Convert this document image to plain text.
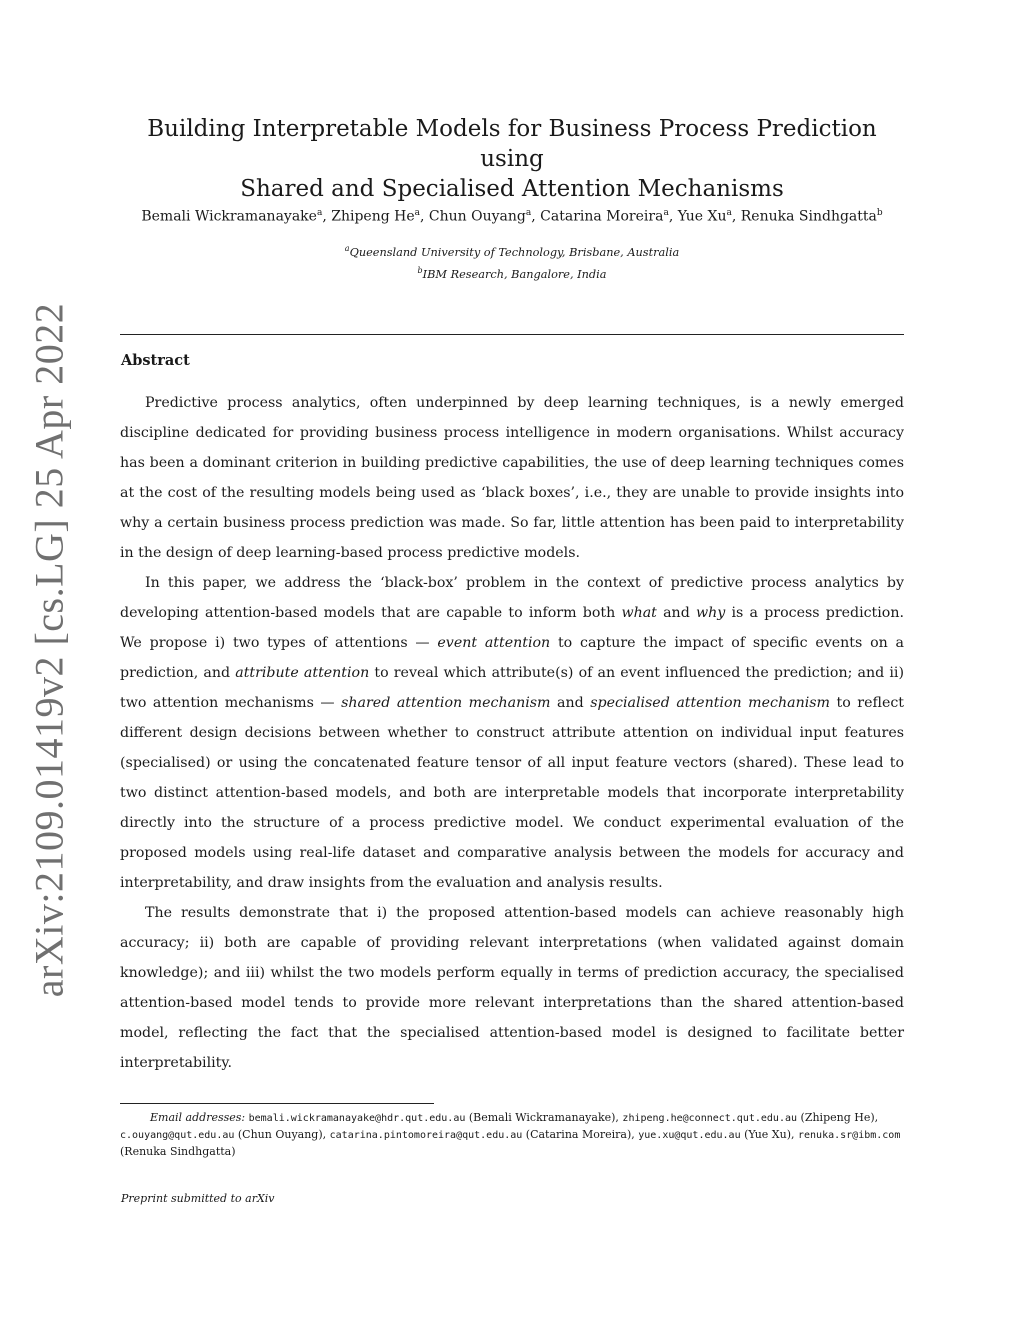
arXiv:2109.01419v2 [cs.LG] 25 Apr 2022
Building Interpretable Models for Business Process Prediction using
Shared and Specialised Attention Mechanisms
Bemali Wickramanayake$^a$, Zhipeng He$^a$, Chun Ouyang$^a$, Catarina Moreira$^a$, Yue Xu$^a$, Renuka Sindhgatta$^b$
$^a$Queensland University of Technology, Brisbane, Australia
$^b$IBM Research, Bangalore, India
Abstract

Predictive process analytics, often underpinned by deep learning techniques, is a newly emerged discipline dedicated for providing business process intelligence in modern organisations. Whilst accuracy has been a dominant criterion in building predictive capabilities, the use of deep learning techniques comes at the cost of the resulting models being used as ‘black boxes’, i.e., they are unable to provide insights into why a certain business process prediction was made. So far, little attention has been paid to interpretability in the design of deep learning-based process predictive models.

In this paper, we address the ‘black-box’ problem in the context of predictive process analytics by developing attention-based models that are capable to inform both what and why is a process prediction. We propose i) two types of attentions — event attention to capture the impact of specific events on a prediction, and attribute attention to reveal which attribute(s) of an event influenced the prediction; and ii) two attention mechanisms — shared attention mechanism and specialised attention mechanism to reflect different design decisions between whether to construct attribute attention on individual input features (specialised) or using the concatenated feature tensor of all input feature vectors (shared). These lead to two distinct attention-based models, and both are interpretable models that incorporate interpretability directly into the structure of a process predictive model. We conduct experimental evaluation of the proposed models using real-life dataset and comparative analysis between the models for accuracy and interpretability, and draw insights from the evaluation and analysis results.

The results demonstrate that i) the proposed attention-based models can achieve reasonably high accuracy; ii) both are capable of providing relevant interpretations (when validated against domain knowledge); and iii) whilst the two models perform equally in terms of prediction accuracy, the specialised attention-based model tends to provide more relevant interpretations than the shared attention-based model, reflecting the fact that the specialised attention-based model is designed to facilitate better interpretability.

Email addresses: bemali.wickramanayake@hdr.qut.edu.au (Bemali Wickramanayake), zhipeng.he@connect.qut.edu.au (Zhipeng He), c.ouyang@qut.edu.au (Chun Ouyang), catarina.pintomoreira@qut.edu.au (Catarina Moreira), yue.xu@qut.edu.au (Yue Xu), renuka.sr@ibm.com (Renuka Sindhgatta)
Preprint submitted to arXiv
